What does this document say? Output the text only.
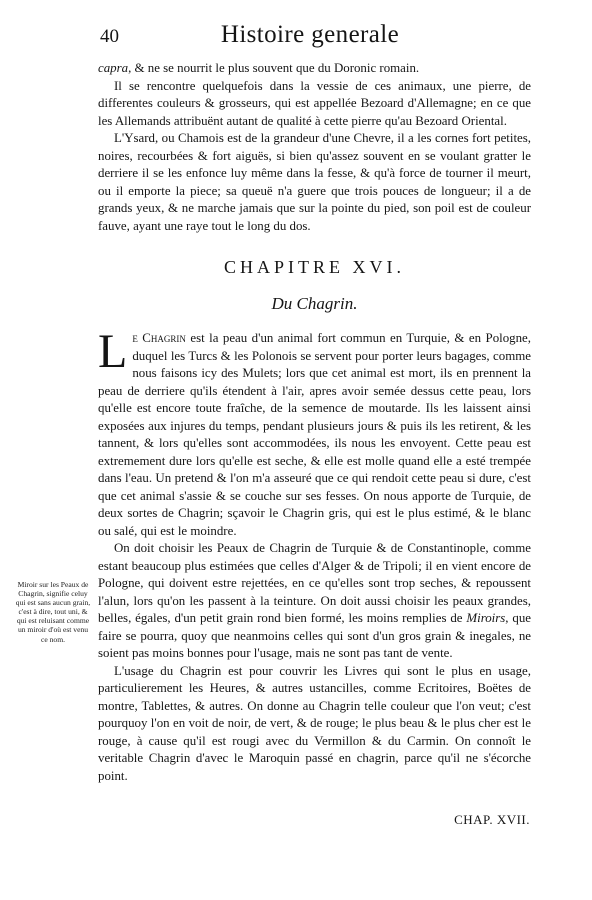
40	Histoire generale

capra, & ne se nourrit le plus souvent que du Doronic romain.

Il se rencontre quelquefois dans la vessie de ces animaux, une pierre, de differentes couleurs & grosseurs, qui est appellée Bezoard d'Allemagne; en ce que les Allemands attribuënt autant de qualité à cette pierre qu'au Bezoard Oriental.

L'Ysard, ou Chamois est de la grandeur d'une Chevre, il a les cornes fort petites, noires, recourbées & fort aiguës, si bien qu'assez souvent en se voulant gratter le derriere il se les enfonce luy même dans la fesse, & qu'à force de tourner il meurt, ou il emporte la piece; sa queuë n'a guere que trois pouces de longueur; il a de grands yeux, & ne marche jamais que sur la pointe du pied, son poil est de couleur fauve, ayant une raye tout le long du dos.

CHAPITRE XVI.
Du Chagrin.

Le Chagrin est la peau d'un animal fort commun en Turquie, & en Pologne, duquel les Turcs & les Polonois se servent pour porter leurs bagages, comme nous faisons icy des Mulets; lors que cet animal est mort, ils en prennent la peau de derriere qu'ils étendent à l'air, apres avoir semée dessus cette peau, lors qu'elle est encore toute fraîche, de la semence de moutarde. Ils les laissent ainsi exposées aux injures du temps, pendant plusieurs jours & puis ils les retirent, & les tannent, & lors qu'elles sont accommodées, ils nous les envoyent. Cette peau est extremement dure lors qu'elle est seche, & elle est molle quand elle a esté trempée dans l'eau. Un pretend & l'on m'a asseuré que ce qui rendoit cette peau si dure, c'est que cet animal s'assie & se couche sur ses fesses. On nous apporte de Turquie, de deux sortes de Chagrin; sçavoir le Chagrin gris, qui est le plus estimé, & le blanc ou salé, qui est le moindre.

On doit choisir les Peaux de Chagrin de Turquie & de Constantinople, comme estant beaucoup plus estimées que celles d'Alger & de Tripoli; il en vient encore de Pologne, qui doivent estre rejettées, en ce qu'elles sont trop seches, & repoussent l'alun, lors qu'on les passent à la teinture. On doit aussi choisir les peaux grandes, belles, égales, d'un petit grain rond bien formé, les moins remplies de Miroirs, que faire se pourra, quoy que neanmoins celles qui sont d'un gros grain & inegales, ne soient pas moins bonnes pour l'usage, mais ne sont pas tant de vente.

L'usage du Chagrin est pour couvrir les Livres qui sont le plus en usage, particulierement les Heures, & autres ustancilles, comme Ecritoires, Boëtes de montre, Tablettes, & autres. On donne au Chagrin telle couleur que l'on veut; c'est pourquoy l'on en voit de noir, de vert, & de rouge; le plus beau & le plus cher est le rouge, à cause qu'il est rougi avec du Vermillon & du Carmin. On connoît le veritable Chagrin d'avec le Maroquin passé en chagrin, parce qu'il ne s'écorche point.

Miroir sur les Peaux de Chagrin, signifie celuy qui est sans aucun grain, c'est à dire, tout uni, & qui est reluisant comme un miroir d'où est venu ce nom.
CHAP. XVII.
